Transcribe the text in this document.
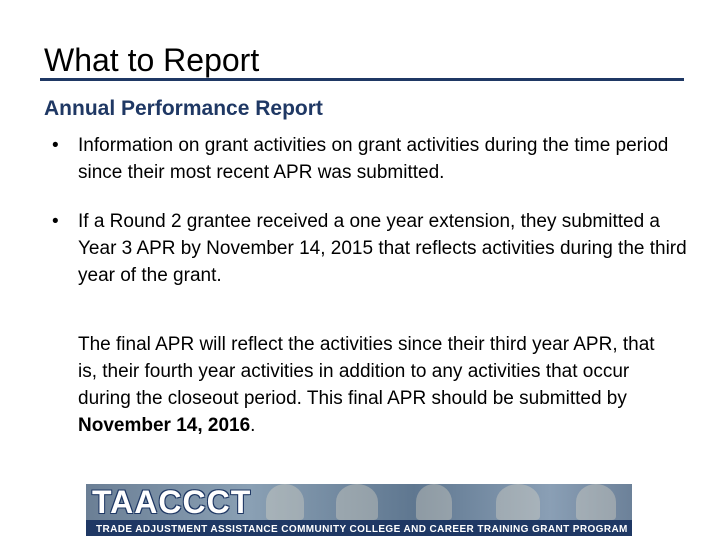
What to Report
Annual Performance Report
• Information on grant activities on grant activities during the time period since their most recent APR was submitted.
• If a Round 2 grantee received a one year extension, they submitted a Year 3 APR by November 14, 2015 that reflects activities during the third year of the grant.

The final APR will reflect the activities since their third year APR, that is, their fourth year activities in addition to any activities that occur during the closeout period. This final APR should be submitted by November 14, 2016.

TAACCCT
TRADE ADJUSTMENT ASSISTANCE COMMUNITY COLLEGE AND CAREER TRAINING GRANT PROGRAM
